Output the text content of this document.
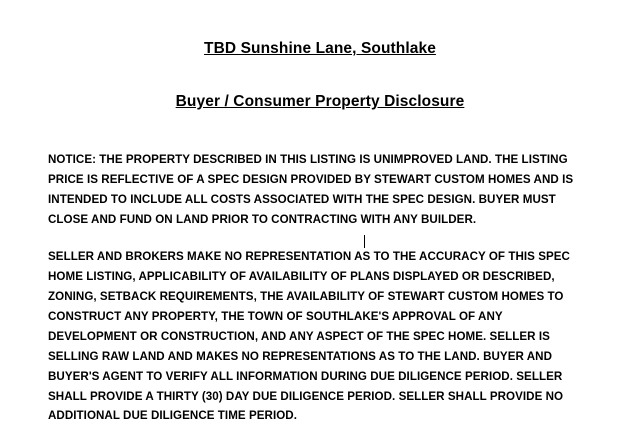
TBD Sunshine Lane, Southlake
Buyer / Consumer Property Disclosure

NOTICE: THE PROPERTY DESCRIBED IN THIS LISTING IS UNIMPROVED LAND. THE LISTING PRICE IS REFLECTIVE OF A SPEC DESIGN PROVIDED BY STEWART CUSTOM HOMES AND IS INTENDED TO INCLUDE ALL COSTS ASSOCIATED WITH THE SPEC DESIGN. BUYER MUST CLOSE AND FUND ON LAND PRIOR TO CONTRACTING WITH ANY BUILDER.

SELLER AND BROKERS MAKE NO REPRESENTATION AS TO THE ACCURACY OF THIS SPEC HOME LISTING, APPLICABILITY OF AVAILABILITY OF PLANS DISPLAYED OR DESCRIBED, ZONING, SETBACK REQUIREMENTS, THE AVAILABILITY OF STEWART CUSTOM HOMES TO CONSTRUCT ANY PROPERTY, THE TOWN OF SOUTHLAKE'S APPROVAL OF ANY DEVELOPMENT OR CONSTRUCTION, AND ANY ASPECT OF THE SPEC HOME. SELLER IS SELLING RAW LAND AND MAKES NO REPRESENTATIONS AS TO THE LAND. BUYER AND BUYER'S AGENT TO VERIFY ALL INFORMATION DURING DUE DILIGENCE PERIOD. SELLER SHALL PROVIDE A THIRTY (30) DAY DUE DILIGENCE PERIOD. SELLER SHALL PROVIDE NO ADDITIONAL DUE DILIGENCE TIME PERIOD.
